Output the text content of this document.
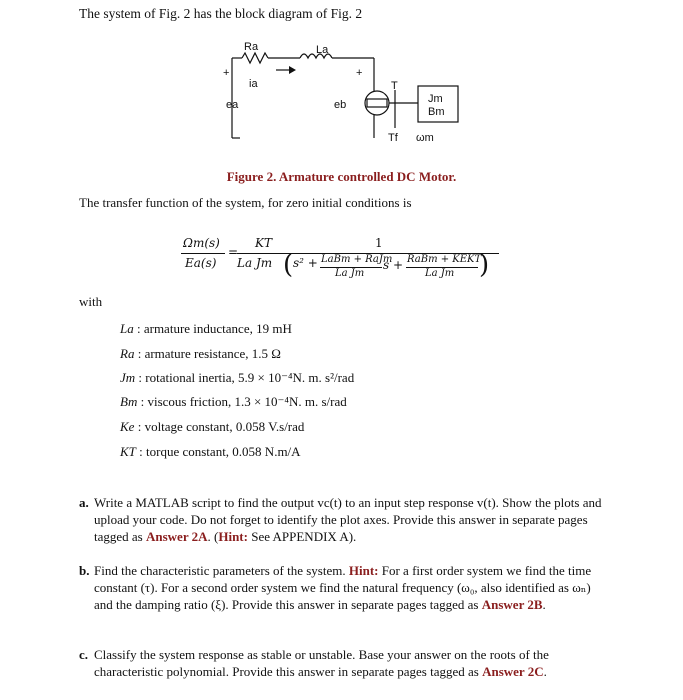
The system of Fig. 2 has the block diagram of Fig. 2
Ra	La
ia
+	+
ea	eb
T
Jm
Bm
Tf ωm
Figure 2. Armature controlled DC Motor.
The transfer function of the system, for zero initial conditions is
Ωm(s)
Ea(s)
=
KT	1
La Jm ( s² + LaBm + RaJm
La Jm
s + RaBm + KEKT
La Jm )
with
La : armature inductance, 19 mH
Ra : armature resistance, 1.5 Ω
Jm : rotational inertia, 5.9 × 10⁻⁴N. m. s²/rad
Bm : viscous friction, 1.3 × 10⁻⁴N. m. s/rad
Ke : voltage constant, 0.058 V.s/rad
KT : torque constant, 0.058 N.m/A
a. Write a MATLAB script to find the output vc(t) to an input step response v(t). Show the plots and upload your code. Do not forget to identify the plot axes. Provide this answer in separate pages tagged as Answer 2A. (Hint: See APPENDIX A).
b. Find the characteristic parameters of the system. Hint: For a first order system we find the time constant (τ). For a second order system we find the natural frequency (ω₀, also identified as ωₙ) and the damping ratio (ξ). Provide this answer in separate pages tagged as Answer 2B.
c. Classify the system response as stable or unstable. Base your answer on the roots of the characteristic polynomial. Provide this answer in separate pages tagged as Answer 2C.
